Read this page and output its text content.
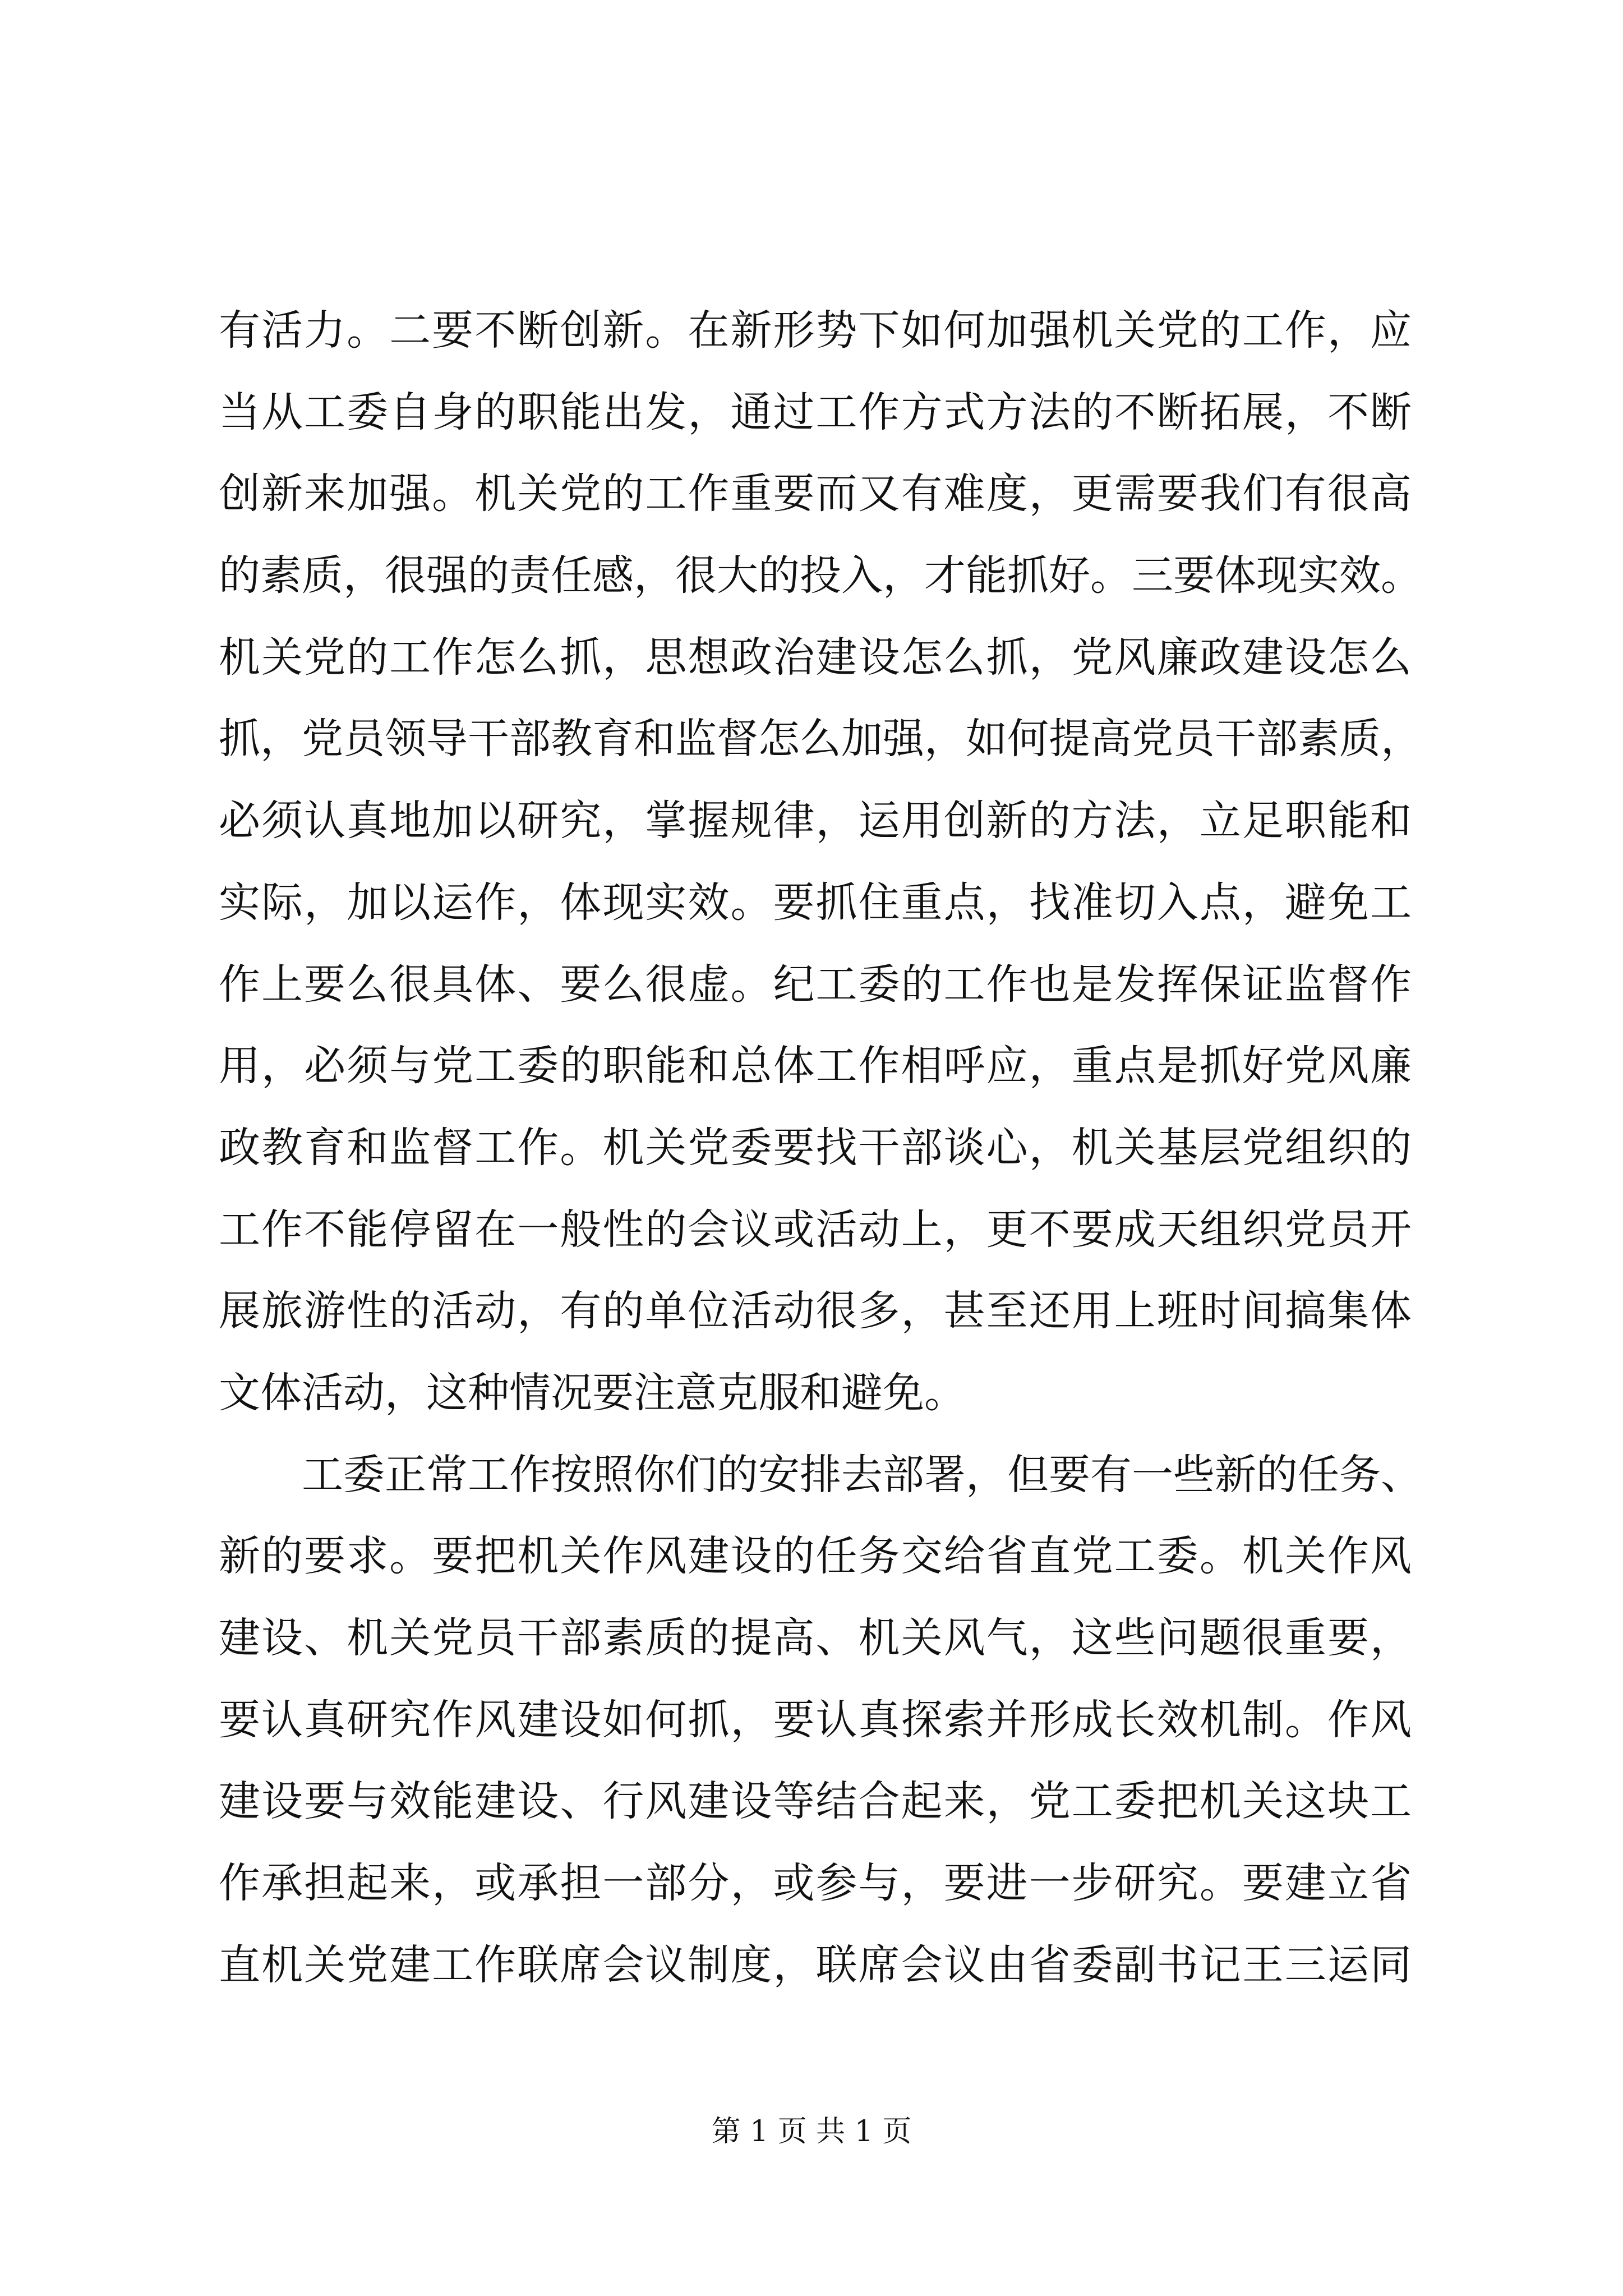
有活力。二要不断创新。在新形势下如何加强机关党的工作，应
当从工委自身的职能出发，通过工作方式方法的不断拓展，不断
创新来加强。机关党的工作重要而又有难度，更需要我们有很高
的素质，很强的责任感，很大的投入，才能抓好。三要体现实效。
机关党的工作怎么抓，思想政治建设怎么抓，党风廉政建设怎么
抓，党员领导干部教育和监督怎么加强，如何提高党员干部素质，
必须认真地加以研究，掌握规律，运用创新的方法，立足职能和
实际，加以运作，体现实效。要抓住重点，找准切入点，避免工
作上要么很具体、要么很虚。纪工委的工作也是发挥保证监督作
用，必须与党工委的职能和总体工作相呼应，重点是抓好党风廉
政教育和监督工作。机关党委要找干部谈心，机关基层党组织的
工作不能停留在一般性的会议或活动上，更不要成天组织党员开
展旅游性的活动，有的单位活动很多，甚至还用上班时间搞集体
文体活动，这种情况要注意克服和避免。
工委正常工作按照你们的安排去部署，但要有一些新的任务、
新的要求。要把机关作风建设的任务交给省直党工委。机关作风
建设、机关党员干部素质的提高、机关风气，这些问题很重要，
要认真研究作风建设如何抓，要认真探索并形成长效机制。作风
建设要与效能建设、行风建设等结合起来，党工委把机关这块工
作承担起来，或承担一部分，或参与，要进一步研究。要建立省
直机关党建工作联席会议制度，联席会议由省委副书记王三运同
第 1 页 共 1 页
